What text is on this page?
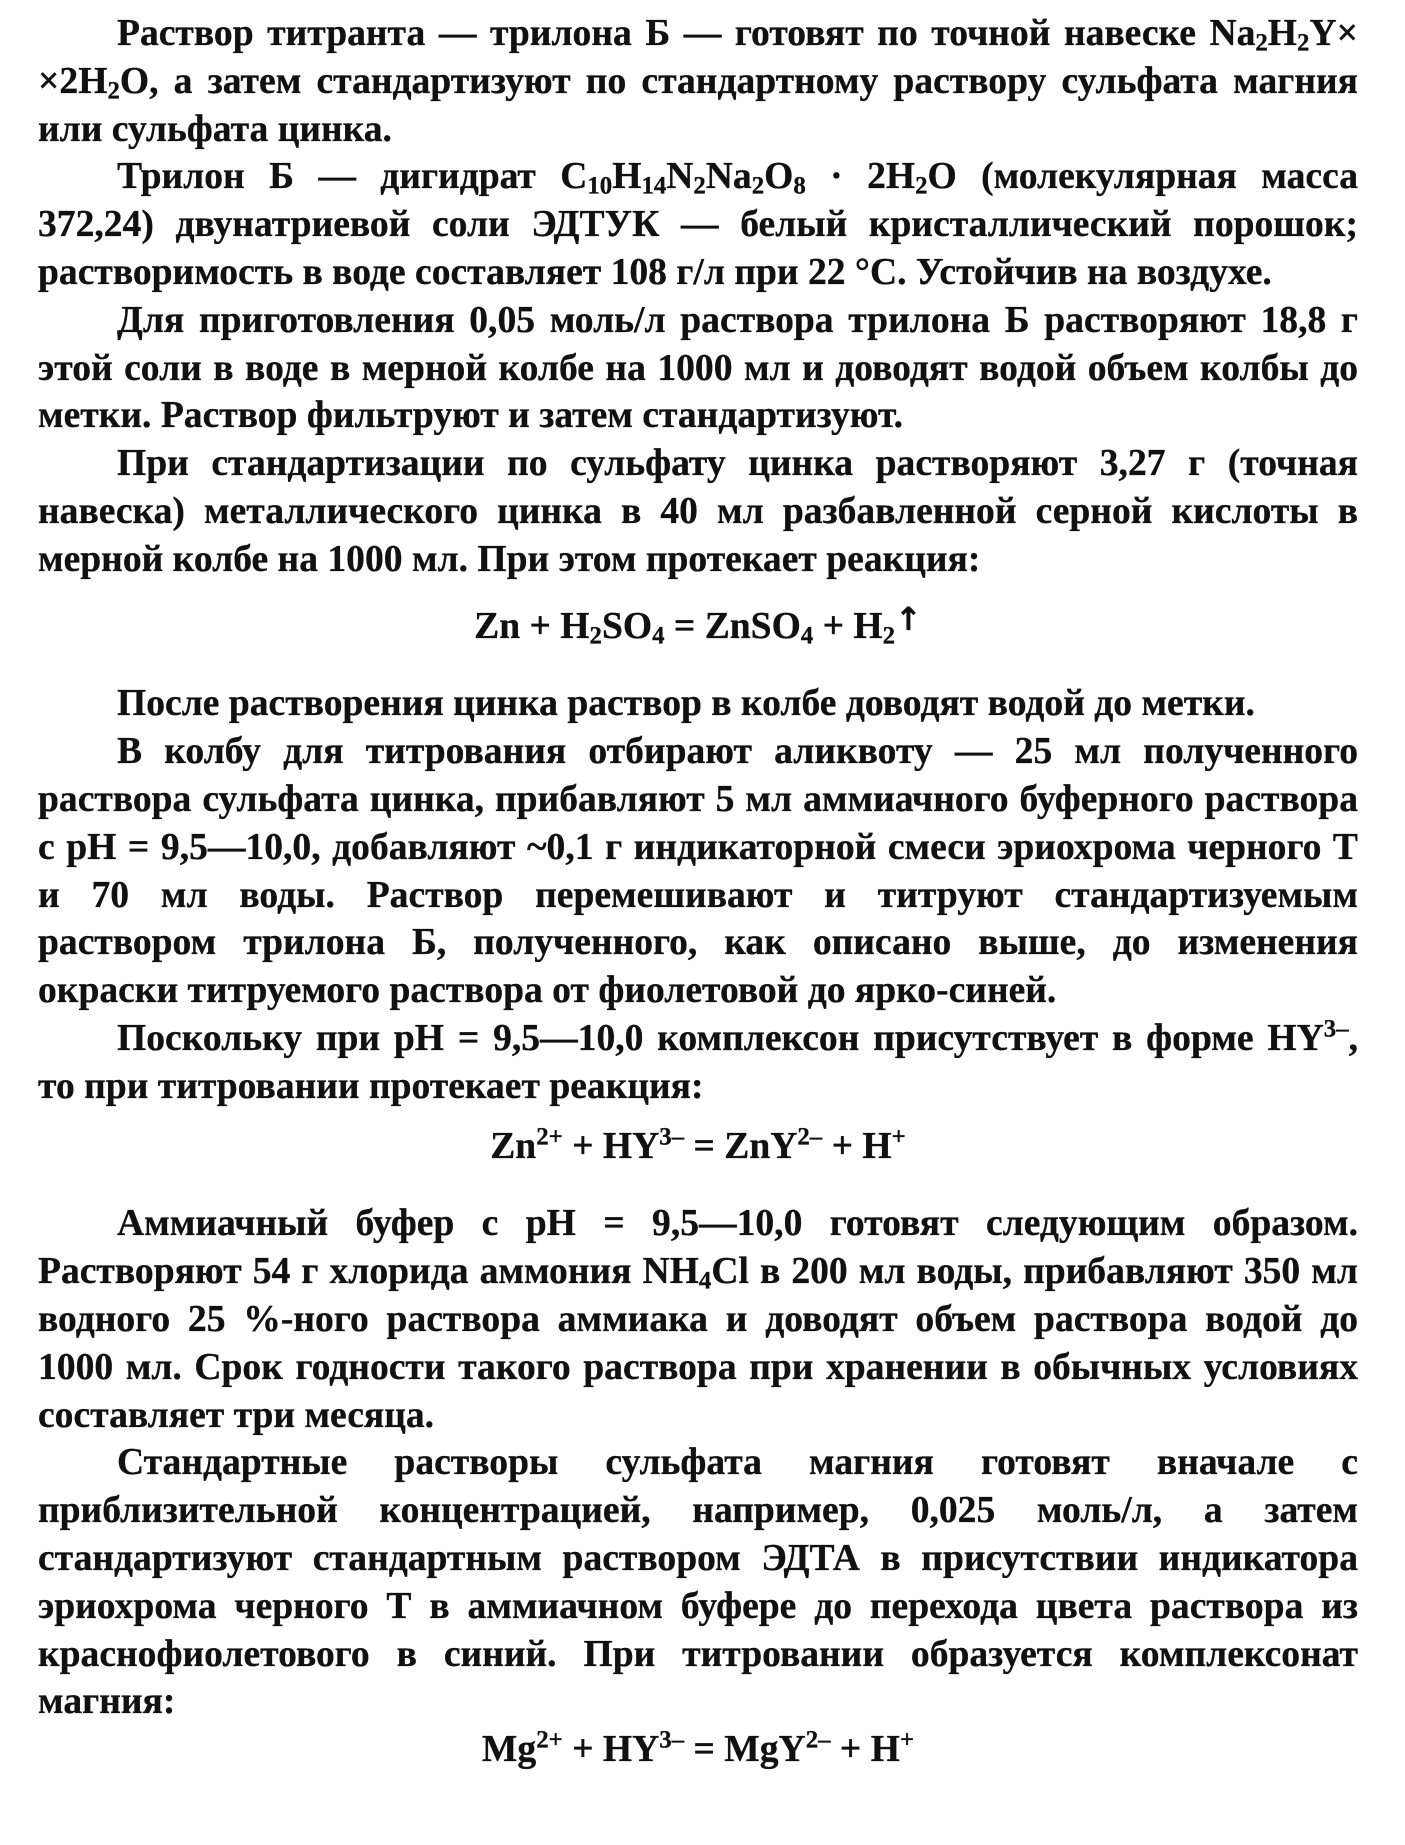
Раствор титранта — трилона Б — готовят по точной навеске $Na_2H_2Y\times \times 2H_2O$, а затем стандартизуют по стандартному раствору сульфата магния или сульфата цинка.

Трилон Б — дигидрат $C_{10}H_{14}N_2Na_2O_8 \cdot 2H_2O$ (молекулярная масса 372,24) двунатриевой соли ЭДТУК — белый кристаллический порошок; растворимость в воде составляет 108 г/л при 22 °С. Устойчив на воздухе.

Для приготовления 0,05 моль/л раствора трилона Б растворяют 18,8 г этой соли в воде в мерной колбе на 1000 мл и доводят водой объем колбы до метки. Раствор фильтруют и затем стандартизуют.

При стандартизации по сульфату цинка растворяют 3,27 г (точная навеска) металлического цинка в 40 мл разбавленной серной кислоты в мерной колбе на 1000 мл. При этом протекает реакция:

$Zn + H_2SO_4$ = ZnSO$_4$ + $H_2↑$

После растворения цинка раствор в колбе доводят водой до метки.

В колбу для титрования отбирают аликвоту — 25 мл полученного раствора сульфата цинка, прибавляют 5 мл аммиачного буферного раствора с pH = 9,5—10,0, добавляют ~0,1 г индикаторной смеси эриохрома черного Т и 70 мл воды. Раствор перемешивают и титруют стандартизуемым раствором трилона Б, полученного, как описано выше, до изменения окраски титруемого раствора от фиолетовой до ярко-синей.

Поскольку при pH = 9,5—10,0 комплексон присутствует в форме $HY^{3-}$, то при титровании протекает реакция:

$Zn^{2+} + HY^{3-} = ZnY^{2-} + H^+$

Аммиачный буфер с pH = 9,5—10,0 готовят следующим образом. Растворяют 54 г хлорида аммония $NH_4Cl$ в 200 мл воды, прибавляют 350 мл водного 25 %-ного раствора аммиака и доводят объем раствора водой до 1000 мл. Срок годности такого раствора при хранении в обычных условиях составляет три месяца.

Стандартные растворы сульфата магния готовят вначале с приблизительной концентрацией, например, 0,025 моль/л, а затем стандартизуют стандартным раствором ЭДТА в присутствии индикатора эриохрома черного Т в аммиачном буфере до перехода цвета раствора из краснофиолетового в синий. При титровании образуется комплексонат магния:

$Mg^{2+} + HY^{3-} = MgY^{2-} + H^+$
